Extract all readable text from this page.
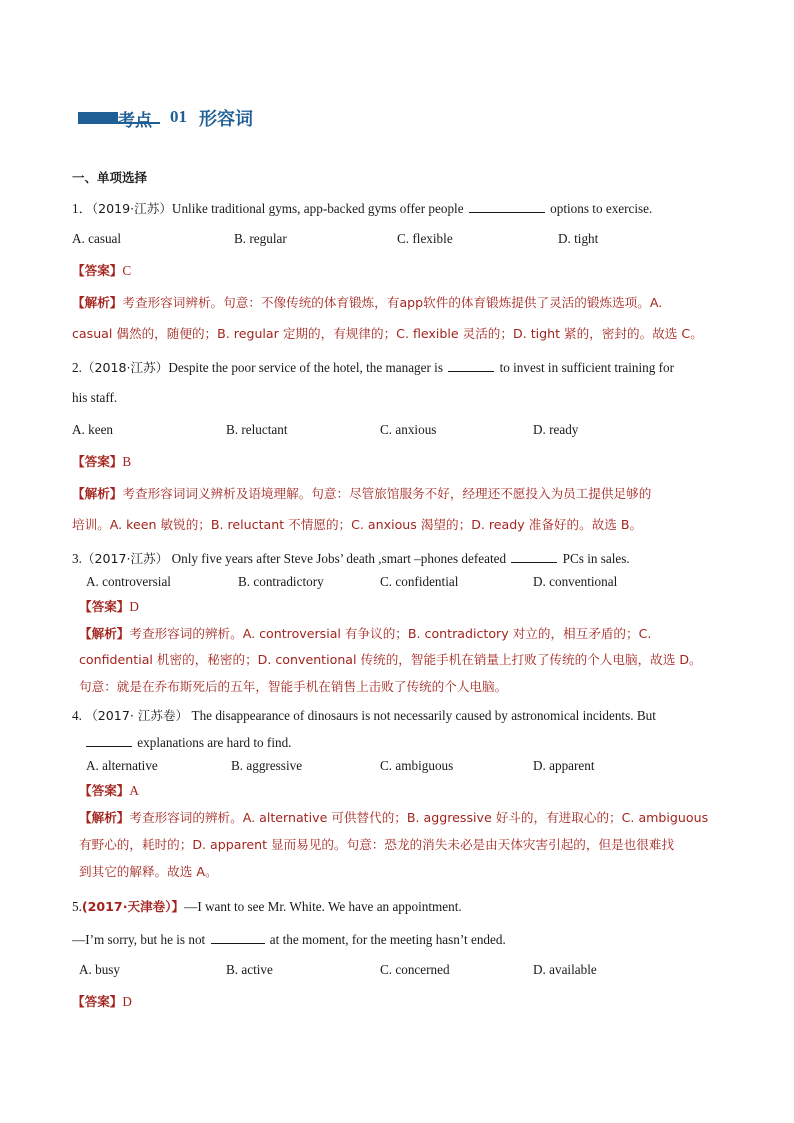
考点 01 形容词
一、单项选择
1．（2019·江苏）Unlike traditional gyms, app-backed gyms offer people	options to exercise.
A. casual	B. regular	C. flexible	D. tight
【答案】C
【解析】考查形容词辨析。句意：不像传统的体育锻炼，有app软件的体育锻炼提供了灵活的锻炼选项。A.
casual 偶然的，随便的；B. regular 定期的，有规律的；C. flexible 灵活的；D. tight 紧的，密封的。故选 C。
2.（2018·江苏）Despite the poor service of the hotel, the manager is	to invest in sufficient training for
his staff.
A. keen	B. reluctant	C. anxious	D. ready
【答案】B
【解析】考查形容词词义辨析及语境理解。句意：尽管旅馆服务不好，经理还不愿投入为员工提供足够的
培训。A. keen 敏锐的；B. reluctant 不情愿的；C. anxious 渴望的；D. ready 准备好的。故选 B。
3.（2017·江苏） Only five years after Steve Jobs’ death ,smart –phones defeated	PCs in sales.
A. controversial	B. contradictory	C. confidential	D. conventional
【答案】D
【解析】考查形容词的辨析。A. controversial 有争议的；B. contradictory 对立的，相互矛盾的；C.
confidential 机密的，秘密的；D. conventional 传统的，智能手机在销量上打败了传统的个人电脑，故选 D。
句意：就是在乔布斯死后的五年，智能手机在销售上击败了传统的个人电脑。
4. （2017· 江苏卷） The disappearance of dinosaurs is not necessarily caused by astronomical incidents. But
explanations are hard to find.
A. alternative	B. aggressive	C. ambiguous	D. apparent
【答案】A
【解析】考查形容词的辨析。A. alternative 可供替代的；B. aggressive 好斗的，有进取心的；C. ambiguous
有野心的，耗时的；D. apparent 显而易见的。句意：恐龙的消失未必是由天体灾害引起的，但是也很难找
到其它的解释。故选 A。
5.(2017·天津卷）】—I want to see Mr. White. We have an appointment.
—I’m sorry, but he is not	at the moment, for the meeting hasn’t ended.
A. busy	B. active	C. concerned	D. available
【答案】D
